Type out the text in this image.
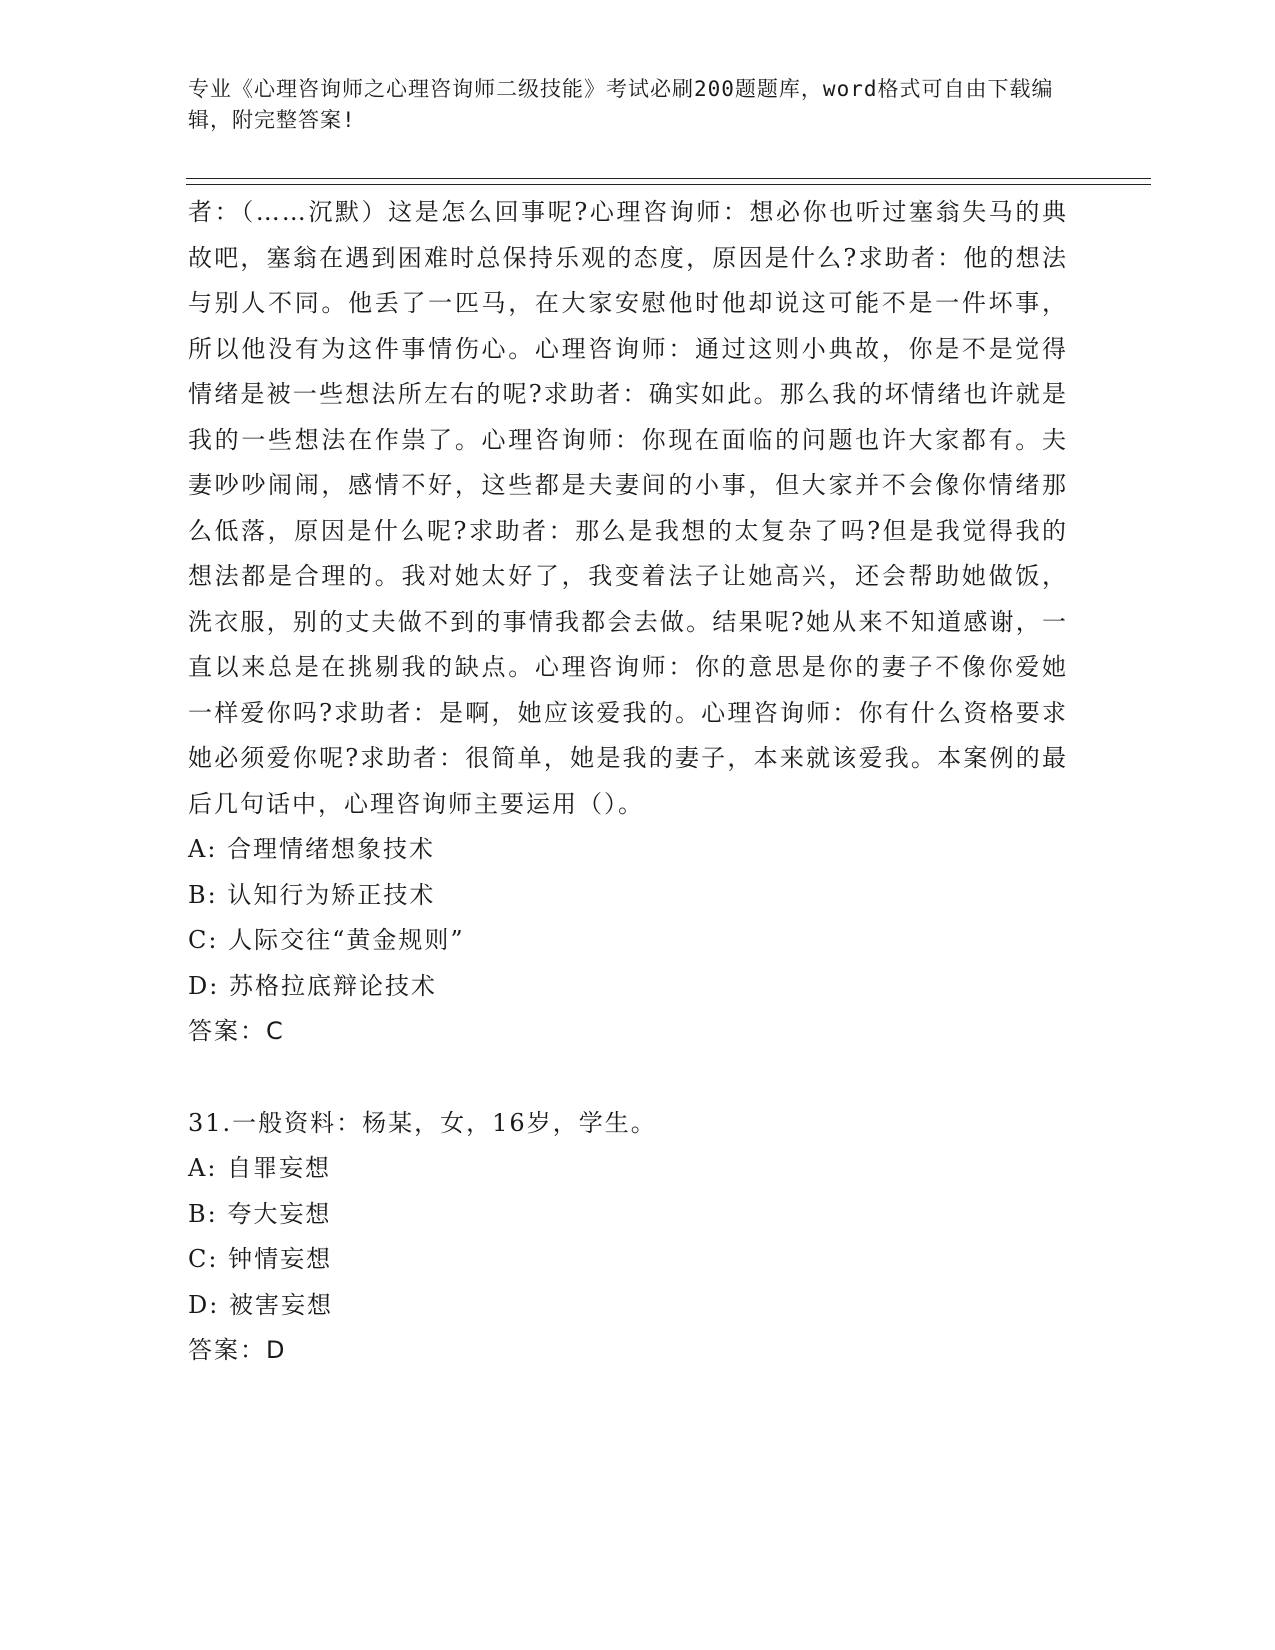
专业《心理咨询师之心理咨询师二级技能》考试必刷200题题库，word格式可自由下载编辑，附完整答案!

者：（……沉默）这是怎么回事呢?心理咨询师：想必你也听过塞翁失马的典故吧，塞翁在遇到困难时总保持乐观的态度，原因是什么?求助者：他的想法与别人不同。他丢了一匹马，在大家安慰他时他却说这可能不是一件坏事，所以他没有为这件事情伤心。心理咨询师：通过这则小典故，你是不是觉得情绪是被一些想法所左右的呢?求助者：确实如此。那么我的坏情绪也许就是我的一些想法在作祟了。心理咨询师：你现在面临的问题也许大家都有。夫妻吵吵闹闹，感情不好，这些都是夫妻间的小事，但大家并不会像你情绪那么低落，原因是什么呢?求助者：那么是我想的太复杂了吗?但是我觉得我的想法都是合理的。我对她太好了，我变着法子让她高兴，还会帮助她做饭，洗衣服，别的丈夫做不到的事情我都会去做。结果呢?她从来不知道感谢，一直以来总是在挑剔我的缺点。心理咨询师：你的意思是你的妻子不像你爱她一样爱你吗?求助者：是啊，她应该爱我的。心理咨询师：你有什么资格要求她必须爱你呢?求助者：很简单，她是我的妻子，本来就该爱我。本案例的最后几句话中，心理咨询师主要运用（）。

A: 合理情绪想象技术

B: 认知行为矫正技术

C: 人际交往“黄金规则”

D: 苏格拉底辩论技术

答案：C

31.一般资料：杨某，女，16岁，学生。

A: 自罪妄想

B: 夸大妄想

C: 钟情妄想

D: 被害妄想

答案：D
